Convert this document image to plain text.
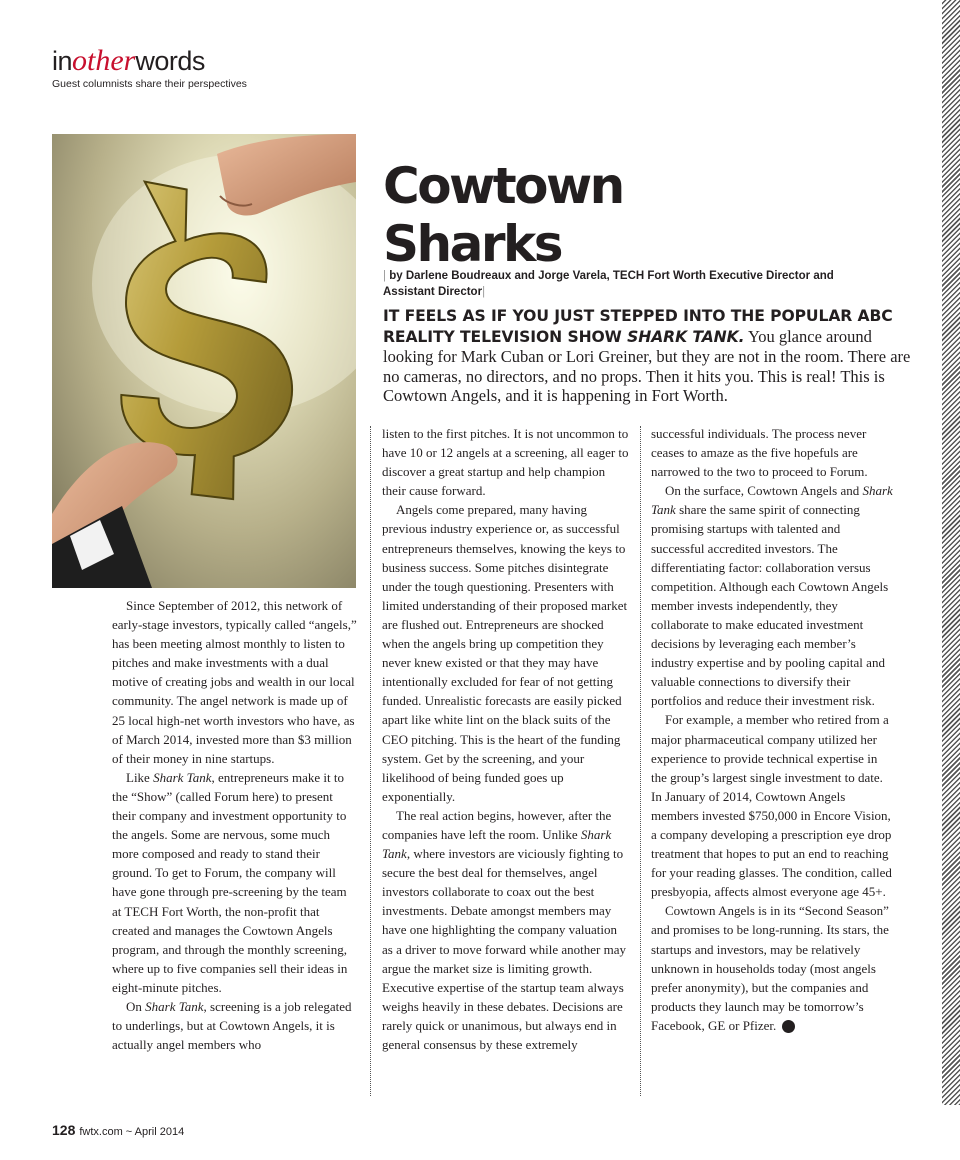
inotherwords
Guest columnists share their perspectives
Cowtown
Sharks
| by Darlene Boudreaux and Jorge Varela, TECH Fort Worth Executive Director and Assistant Director|
IT FEELS AS IF YOU JUST STEPPED INTO THE POPULAR ABC REALITY TELEVISION SHOW SHARK TANK. You glance around looking for Mark Cuban or Lori Greiner, but they are not in the room. There are no cameras, no directors, and no props. Then it hits you. This is real! This is Cowtown Angels, and it is happening in Fort Worth.

Since September of 2012, this network of early-stage investors, typically called “angels,” has been meeting almost monthly to listen to pitches and make investments with a dual motive of creating jobs and wealth in our local community. The angel network is made up of 25 local high-net worth investors who have, as of March 2014, invested more than $3 million of their money in nine startups.

Like Shark Tank, entrepreneurs make it to the “Show” (called Forum here) to present their company and investment opportunity to the angels. Some are nervous, some much more composed and ready to stand their ground. To get to Forum, the company will have gone through pre-screening by the team at TECH Fort Worth, the non-profit that created and manages the Cowtown Angels program, and through the monthly screening, where up to five companies sell their ideas in eight-minute pitches.

On Shark Tank, screening is a job relegated to underlings, but at Cowtown Angels, it is actually angel members who

listen to the first pitches. It is not uncommon to have 10 or 12 angels at a screening, all eager to discover a great startup and help champion their cause forward.

Angels come prepared, many having previous industry experience or, as successful entrepreneurs themselves, knowing the keys to business success. Some pitches disintegrate under the tough questioning. Presenters with limited understanding of their proposed market are flushed out. Entrepreneurs are shocked when the angels bring up competition they never knew existed or that they may have intentionally excluded for fear of not getting funded. Unrealistic forecasts are easily picked apart like white lint on the black suits of the CEO pitching. This is the heart of the funding system. Get by the screening, and your likelihood of being funded goes up exponentially.

The real action begins, however, after the companies have left the room. Unlike Shark Tank, where investors are viciously fighting to secure the best deal for themselves, angel investors collaborate to coax out the best investments. Debate amongst members may have one highlighting the company valuation as a driver to move forward while another may argue the market size is limiting growth. Executive expertise of the startup team always weighs heavily in these debates. Decisions are rarely quick or unanimous, but always end in general consensus by these extremely

successful individuals. The process never ceases to amaze as the five hopefuls are narrowed to the two to proceed to Forum.

On the surface, Cowtown Angels and Shark Tank share the same spirit of connecting promising startups with talented and successful accredited investors. The differentiating factor: collaboration versus competition. Although each Cowtown Angels member invests independently, they collaborate to make educated investment decisions by leveraging each member’s industry expertise and by pooling capital and valuable connections to diversify their portfolios and reduce their investment risk.

For example, a member who retired from a major pharmaceutical company utilized her experience to provide technical expertise in the group’s largest single investment to date. In January of 2014, Cowtown Angels members invested $750,000 in Encore Vision, a company developing a prescription eye drop treatment that hopes to put an end to reaching for your reading glasses. The condition, called presbyopia, affects almost everyone age 45+.

Cowtown Angels is in its “Second Season” and promises to be long-running. Its stars, the startups and investors, may be relatively unknown in households today (most angels prefer anonymity), but the companies and products they launch may be tomorrow’s Facebook, GE or Pfizer.	fw

128 fwtx.com ~ April 2014
